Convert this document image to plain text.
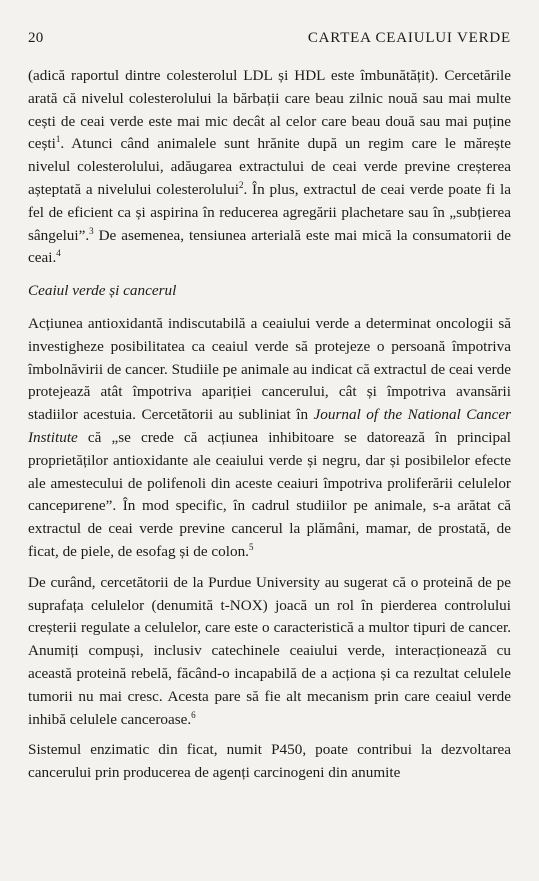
20	CARTEA CEAIULUI VERDE

(adică raportul dintre colesterolul LDL și HDL este îmbunătățit). Cercetările arată că nivelul colesterolului la bărbații care beau zilnic nouă sau mai multe cești de ceai verde este mai mic decât al celor care beau două sau mai puține cești$^1$. Atunci când animalele sunt hrănite după un regim care le mărește nivelul colesterolului, adăugarea extractului de ceai verde previne creșterea așteptată a nivelului colesterolului$^2$. În plus, extractul de ceai verde poate fi la fel de eficient ca și aspirina în reducerea agregării plachetare sau în „subțierea sângelui”.$^3$ De asemenea, tensiunea arterială este mai mică la consumatorii de ceai.$^4$

Ceaiul verde și cancerul

Acțiunea antioxidantă indiscutabilă a ceaiului verde a determinat oncologii să investigheze posibilitatea ca ceaiul verde să protejeze o persoană împotriva îmbolnăvirii de cancer. Studiile pe animale au indicat că extractul de ceai verde protejează atât împotriva apariției cancerului, cât și împotriva avansării stadiilor acestuia. Cercetătorii au subliniat în Journal of the National Cancer Institute că „se crede că acțiunea inhibitoare se datorează în principal proprietăților antioxidante ale ceaiului verde și negru, dar și posibilelor efecte ale amestecului de polifenoli din aceste ceaiuri împotriva proliferării celulelor canceригene”. În mod specific, în cadrul studiilor pe animale, s-a arătat că extractul de ceai verde previne cancerul la plămâni, mamar, de prostată, de ficat, de piele, de esofag și de colon.$^5$

De curând, cercetătorii de la Purdue University au sugerat că o proteină de pe suprafața celulelor (denumită t-NOX) joacă un rol în pierderea controlului creșterii regulate a celulelor, care este o caracteristică a multor tipuri de cancer. Anumiți compuși, inclusiv catechinele ceaiului verde, interacționează cu această proteină rebelă, făcând-o incapabilă de a acționa și ca rezultat celulele tumorii nu mai cresc. Acesta pare să fie alt mecanism prin care ceaiul verde inhibă celulele canceroase.$^6$

Sistemul enzimatic din ficat, numit P450, poate contribui la dezvoltarea cancerului prin producerea de agenți carcinogeni din anumite
